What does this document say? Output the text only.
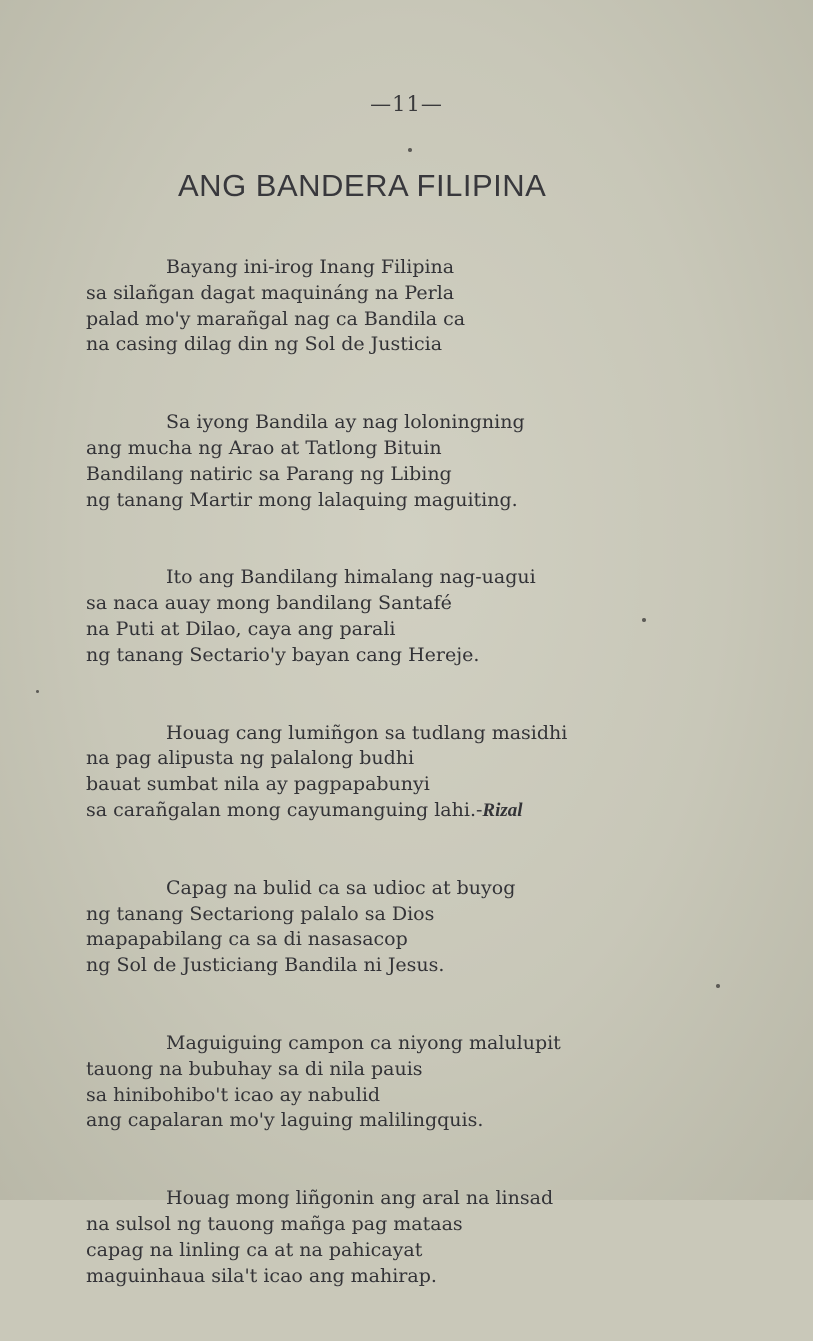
—11—
ANG BANDERA FILIPINA
Bayang ini-irog Inang Filipina
sa silañgan dagat maquináng na Perla
palad mo'y marañgal nag ca Bandila ca
na casing dilag din ng Sol de Justicia
Sa iyong Bandila ay nag loloningning
ang mucha ng Arao at Tatlong Bituin
Bandilang natiric sa Parang ng Libing
ng tanang Martir mong lalaquing maguiting.
Ito ang Bandilang himalang nag-uagui
sa naca auay mong bandilang Santafé
na Puti at Dilao, caya ang parali
ng tanang Sectario'y bayan cang Hereje.
Houag cang lumiñgon sa tudlang masidhi
na pag alipusta ng palalong budhi
bauat sumbat nila ay pagpapabunyi
sa carañgalan mong cayumanguing lahi.-Rizal
Capag na bulid ca sa udioc at buyog
ng tanang Sectariong palalo sa Dios
mapapabilang ca sa di nasasacop
ng Sol de Justiciang Bandila ni Jesus.
Maguiguing campon ca niyong malulupit
tauong na bubuhay sa di nila pauis
sa hinibohibo't icao ay nabulid
ang capalaran mo'y laguing malilingquis.
Houag mong liñgonin ang aral na linsad
na sulsol ng tauong mañga pag mataas
capag na linling ca at na pahicayat
maguinhaua sila't icao ang mahirap.
